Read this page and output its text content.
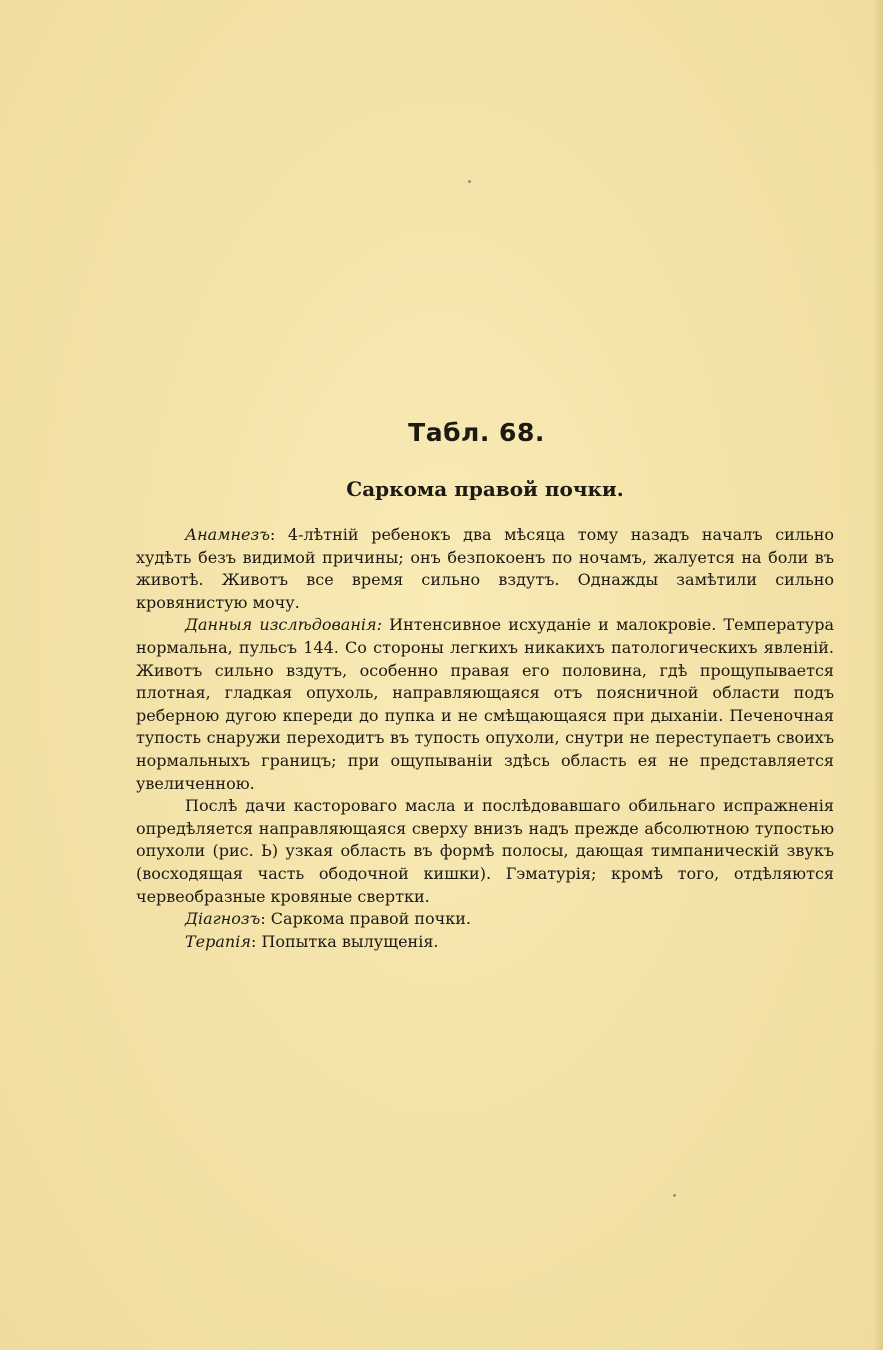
Табл. 68.
Саркома правой почки.

Анамнезъ: 4-лѣтній ребенокъ два мѣсяца тому назадъ началъ сильно худѣть безъ видимой причины; онъ безпокоенъ по ночамъ, жалуется на боли въ животѣ. Животъ все время сильно вздутъ. Однажды замѣтили сильно кровянистую мочу.

Данныя изслѣдованія: Интенсивное исхуданіе и малокровіе. Температура нормальна, пульсъ 144. Со стороны легкихъ никакихъ патологическихъ явленій. Животъ сильно вздутъ, особенно правая его половина, гдѣ прощупывается плотная, гладкая опухоль, направляющаяся отъ поясничной области подъ реберною дугою кпереди до пупка и не смѣщающаяся при дыханіи. Печеночная тупость снаружи переходитъ въ тупость опухоли, снутри не переступаетъ своихъ нормальныхъ границъ; при ощупываніи здѣсь область ея не представляется увеличенною.

Послѣ дачи кастороваго масла и послѣдовавшаго обильнаго испражненія опредѣляется направляющаяся сверху внизъ надъ прежде абсолютною тупостью опухоли (рис. Ь) узкая область въ формѣ полосы, дающая тимпаническій звукъ (восходящая часть ободочной кишки). Гэматурія; кромѣ того, отдѣляются червеобразные кровяные свертки.

Діагнозъ: Саркома правой почки.

Терапія: Попытка вылущенія.
